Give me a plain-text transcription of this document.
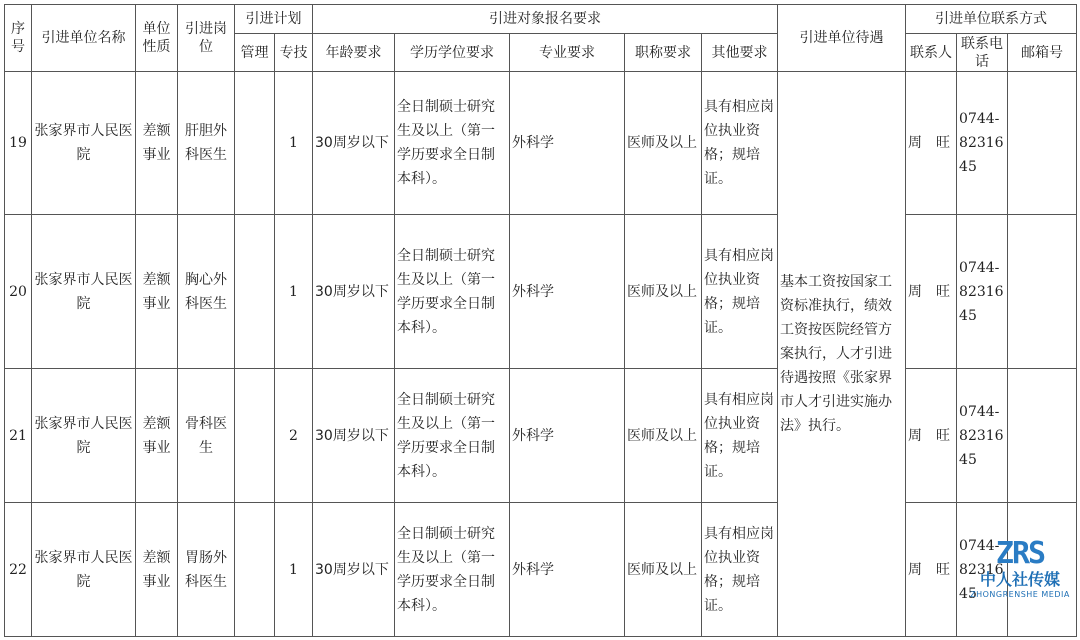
序号	引进单位名称	单位性质	引进岗位	引进计划		引进对象报名要求					引进单位待遇	引进单位联系方式		
				管理	专技	年龄要求	学历学位要求	专业要求	职称要求	其他要求		联系人	联系电话	邮箱号
19	张家界市人民医院	差额事业	肝胆外科医生		1	30周岁以下	全日制硕士研究生及以上（第一学历要求全日制本科）。	外科学	医师及以上	具有相应岗位执业资格；规培证。	基本工资按国家工资标准执行，绩效工资按医院经管方案执行，人才引进待遇按照《张家界市人才引进实施办法》执行。	周　旺	0744-8231645	
20	张家界市人民医院	差额事业	胸心外科医生		1	30周岁以下	全日制硕士研究生及以上（第一学历要求全日制本科）。	外科学	医师及以上	具有相应岗位执业资格；规培证。		周　旺	0744-8231645	
21	张家界市人民医院	差额事业	骨科医生		2	30周岁以下	全日制硕士研究生及以上（第一学历要求全日制本科）。	外科学	医师及以上	具有相应岗位执业资格；规培证。		周　旺	0744-8231645	
22	张家界市人民医院	差额事业	胃肠外科医生		1	30周岁以下	全日制硕士研究生及以上（第一学历要求全日制本科）。	外科学	医师及以上	具有相应岗位执业资格；规培证。		周　旺	0744-8231645	
ZRS
中人社传媒
ZHONGRENSHE MEDIA
